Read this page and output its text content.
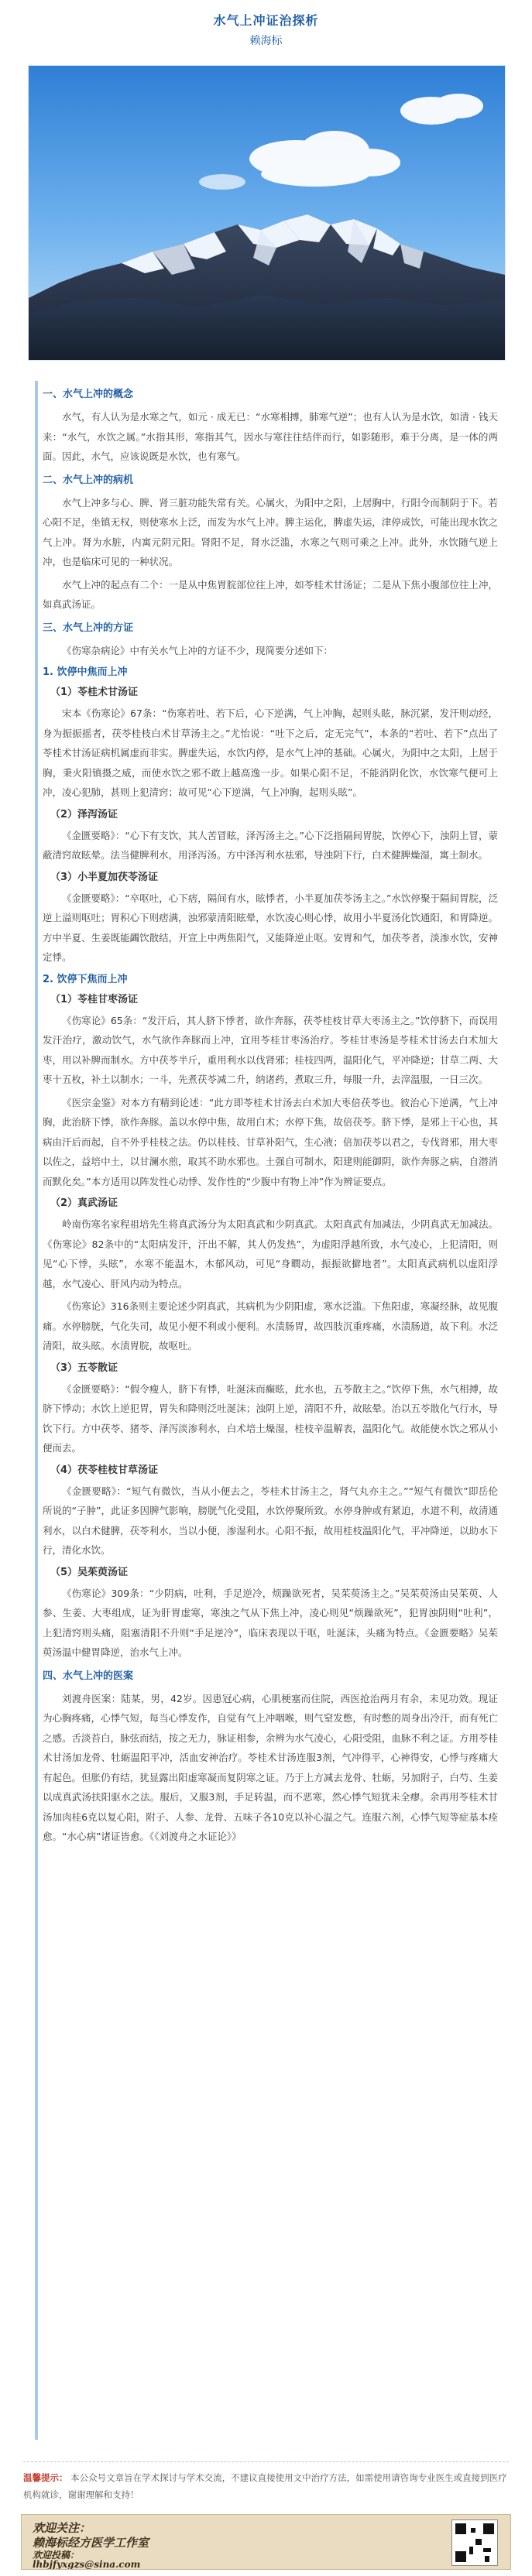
水气上冲证治探析
赖海标
一、水气上冲的概念
水气，有人认为是水寒之气，如元 · 成无已：“水寒相搏，肺寒气逆”；也有人认为是水饮，如清 · 钱天来：“水气，水饮之属。”水指其形，寒指其气，因水与寒往往结伴而行，如影随形，难于分离，是一体的两面。因此，水气，应该说既是水饮，也有寒气。
二、水气上冲的病机
水气上冲多与心、脾、肾三脏功能失常有关。心属火，为阳中之阳，上居胸中，行阳令而制阴于下。若心阳不足，坐镇无权，则使寒水上泛，而发为水气上冲。脾主运化，脾虚失运，津停成饮，可能出现水饮之气上冲。肾为水脏，内寓元阴元阳。肾阳不足，肾水泛滥，水寒之气则可乘之上冲。此外，水饮随气逆上冲，也是临床可见的一种状况。
水气上冲的起点有二个：一是从中焦胃脘部位往上冲，如苓桂术甘汤证；二是从下焦小腹部位往上冲，如真武汤证。
三、水气上冲的方证
《伤寒杂病论》中有关水气上冲的方证不少，现简要分述如下：
1. 饮停中焦而上冲
（1）苓桂术甘汤证
宋本《伤寒论》67条：“伤寒若吐、若下后，心下逆满，气上冲胸，起则头眩，脉沉紧，发汗则动经，身为振振摇者，茯苓桂枝白术甘草汤主之。”尤怡说：“吐下之后，定无完气”，本条的“若吐、若下”点出了苓桂术甘汤证病机属虚而非实。脾虚失运，水饮内停，是水气上冲的基础。心属火，为阳中之太阳，上居于胸，秉火阳镇摄之威，而使水饮之邪不敢上越高逸一步。如果心阳不足，不能消阴化饮，水饮寒气便可上冲，凌心犯肺，甚则上犯清窍；故可见“心下逆满，气上冲胸，起则头眩”。
（2）泽泻汤证
《金匮要略》：“心下有支饮，其人苦冒眩，泽泻汤主之。”心下泛指隔间胃脘，饮停心下，浊阴上冒，蒙蔽清窍故眩晕。法当健脾利水，用泽泻汤。方中泽泻利水祛邪，导浊阴下行，白术健脾燥湿，寓土制水。
（3）小半夏加茯苓汤证
《金匮要略》：“卒呕吐，心下痞，隔间有水，眩悸者，小半夏加茯苓汤主之。”水饮停聚于隔间胃脘，泛逆上溢则呕吐；胃积心下则痞满，浊邪蒙清阳眩晕，水饮凌心则心悸，故用小半夏汤化饮通阳，和胃降逆。方中半夏、生姜既能蠲饮散结，开宣上中两焦阳气，又能降逆止呕。安胃和气，加茯苓者，淡渗水饮，安神定悸。
2. 饮停下焦而上冲
（1）苓桂甘枣汤证
《伤寒论》65条：“发汗后，其人脐下悸者，欲作奔豚，茯苓桂枝甘草大枣汤主之。”饮停脐下，而误用发汗治疗，激动饮气，水气欲作奔豚而上冲，宜用苓桂甘枣汤治疗。苓桂甘枣汤是苓桂术甘汤去白术加大枣，用以补脾而制水。方中茯苓半斤，重用利水以伐肾邪；桂枝四两，温阳化气，平冲降逆；甘草二两、大枣十五枚，补土以制水；一斗，先煮茯苓减二升，纳诸药，煮取三升，每服一升，去滓温服，一日三次。
《医宗金鉴》对本方有精到论述：“此方即苓桂术甘汤去白术加大枣倍茯苓也。彼治心下逆满，气上冲胸，此治脐下悸，欲作奔豚。盖以水停中焦，故用白术；水停下焦，故倍茯苓。脐下悸，是邪上干心也，其病由汗后而起，自不外乎桂枝之法。仍以桂枝、甘草补阳气，生心液；倍加茯苓以君之，专伐肾邪，用大枣以佐之，益培中土，以甘澜水煎，取其不助水邪也。土强自可制水，阳建则能御阴，欲作奔豚之病，自潜消而默化矣。”本方适用以阵发性心动悸、发作性的“少腹中有物上冲”作为辨证要点。
（2）真武汤证
岭南伤寒名家程祖培先生将真武汤分为太阳真武和少阴真武。太阳真武有加减法，少阴真武无加减法。《伤寒论》82条中的“太阳病发汗，汗出不解，其人仍发热”，为虚阳浮越所致，水气凌心，上犯清阳，则见“心下悸，头眩”，水寒不能温木，木郁风动，可见“身瞤动，振振欲擗地者”。太阳真武病机以虚阳浮越，水气凌心、肝风内动为特点。
《伤寒论》316条则主要论述少阴真武，其病机为少阴阳虚，寒水泛滥。下焦阳虚，寒凝经脉，故见腹痛。水停膀胱，气化失司，故见小便不利或小便利。水渍肠胃，故四肢沉重疼痛，水渍肠道，故下利。水泛清阳，故头眩。水渍胃脘，故呕吐。
（3）五苓散证
《金匮要略》：“假令瘦人，脐下有悸，吐涎沫而癫眩，此水也，五苓散主之。”饮停下焦，水气相搏，故脐下悸动；水饮上逆犯胃，胃失和降则泛吐涎沫；浊阴上逆，清阳不升，故眩晕。治以五苓散化气行水，导饮下行。方中茯苓、猪苓、泽泻淡渗利水，白术培土燥湿，桂枝辛温解表，温阳化气。故能使水饮之邪从小便而去。
（4）茯苓桂枝甘草汤证
《金匮要略》：“短气有微饮，当从小便去之，苓桂术甘汤主之，肾气丸亦主之。”“短气有微饮”即岳伦所说的“子肿”，此证多因脾气影响，膀胱气化受阻，水饮停聚所致。水停身肿或有紧迫，水道不利，故清通利水，以白术健脾，茯苓利水，当以小便，渗湿利水。心阳不振，故用桂枝温阳化气，平冲降逆，以助水下行，清化水饮。
（5）吴茱萸汤证
《伤寒论》309条：“少阴病，吐利，手足逆冷，烦躁欲死者，吴茱萸汤主之。”吴茱萸汤由吴茱萸、人参、生姜、大枣组成，证为肝胃虚寒，寒浊之气从下焦上冲，凌心则见“烦躁欲死”，犯胃浊阴则“吐利”，上犯清窍则头痛，阻塞清阳不升则“手足逆冷”，临床表现以干呕，吐涎沫，头痛为特点。《金匮要略》吴茱萸汤温中健胃降逆，治水气上冲。
四、水气上冲的医案
刘渡舟医案：陆某，男，42岁。因患冠心病，心肌梗塞而住院，西医抢治两月有余，未见功效。现证为心胸疼痛，心悸气短，每当心悸发作，自觉有气上冲咽喉，则气窒发憋，有时憋的周身出冷汗，而有死亡之感。舌淡苔白，脉弦而结，按之无力，脉证相参，余辨为水气凌心，心阳受阻，血脉不利之证。方用苓桂术甘汤加龙骨、牡蛎温阳平冲，活血安神治疗。苓桂术甘汤连服3剂，气冲得平，心神得安，心悸与疼痛大有起色。但胀仍有结，犹显露出阳虚寒凝而复阴寒之证。乃于上方减去龙骨、牡蛎，另加附子，白芍、生姜以成真武汤扶阳驱水之法。服后，又服3剂，手足转温，而不恶寒，然心悸气短犹未全瘳。余再用苓桂术甘汤加肉桂6克以复心阳，附子、人参、龙骨、五味子各10克以补心温之气。连服六剂，心悸气短等症基本痊愈。“水心病”诸证皆愈。《《刘渡舟之水证论》》
温馨提示： 本公众号文章旨在学术探讨与学术交流，不建议直接使用文中治疗方法，如需使用请咨询专业医生或直接到医疗机构就诊，谢谢理解和支持！
欢迎关注：
赖海标经方医学工作室
欢迎投稿：
lhbjfyxgzs@sina.com
